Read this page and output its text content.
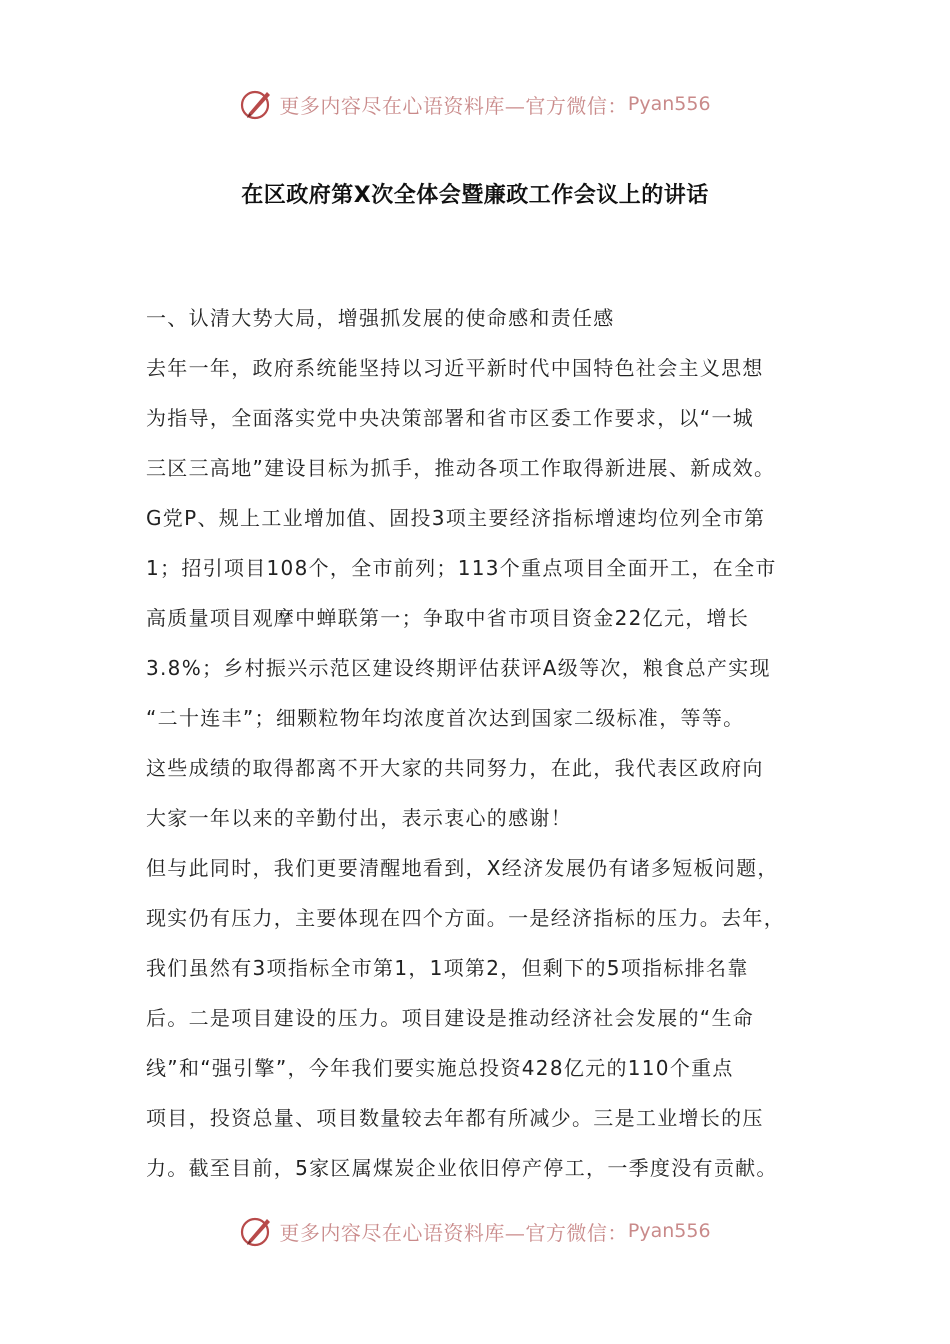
更多内容尽在心语资料库—官方微信： Pyan556
在区政府第X次全体会暨廉政工作会议上的讲话
一、认清大势大局，增强抓发展的使命感和责任感
去年一年，政府系统能坚持以习近平新时代中国特色社会主义思想
为指导，全面落实党中央决策部署和省市区委工作要求，以“一城
三区三高地”建设目标为抓手，推动各项工作取得新进展、新成效。
G党P、规上工业增加值、固投3项主要经济指标增速均位列全市第
1；招引项目108个，全市前列；113个重点项目全面开工，在全市
高质量项目观摩中蝉联第一；争取中省市项目资金22亿元，增长
3.8%；乡村振兴示范区建设终期评估获评A级等次，粮食总产实现
“二十连丰”；细颗粒物年均浓度首次达到国家二级标准，等等。
这些成绩的取得都离不开大家的共同努力，在此，我代表区政府向
大家一年以来的辛勤付出，表示衷心的感谢！
但与此同时，我们更要清醒地看到，X经济发展仍有诸多短板问题，
现实仍有压力，主要体现在四个方面。一是经济指标的压力。去年，
我们虽然有3项指标全市第1，1项第2，但剩下的5项指标排名靠
后。二是项目建设的压力。项目建设是推动经济社会发展的“生命
线”和“强引擎”，今年我们要实施总投资428亿元的110个重点
项目，投资总量、项目数量较去年都有所减少。三是工业增长的压
力。截至目前，5家区属煤炭企业依旧停产停工，一季度没有贡献。
更多内容尽在心语资料库—官方微信： Pyan556
